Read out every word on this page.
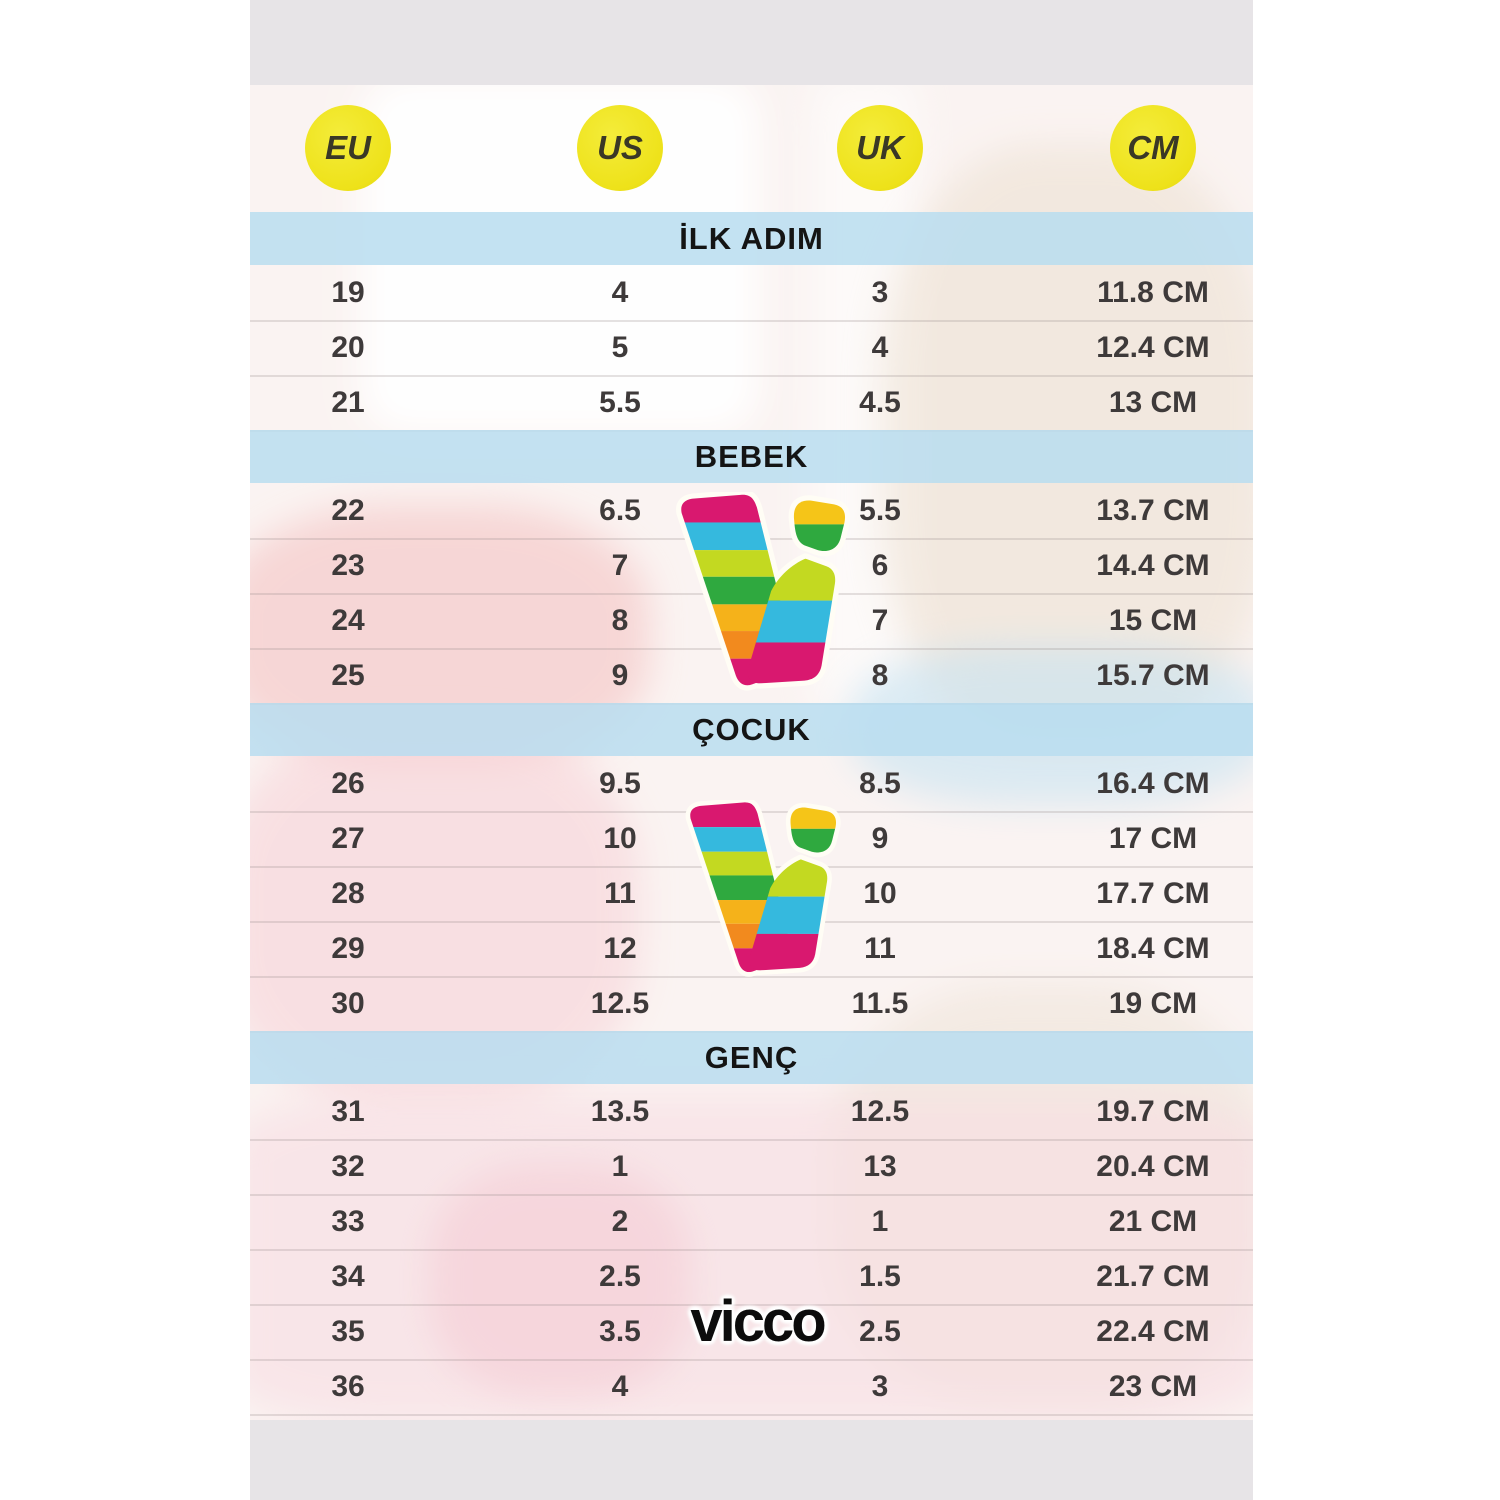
EU	US	UK	CM
İLK ADIM
19	4	3	11.8 CM
20	5	4	12.4 CM
21	5.5	4.5	13 CM
BEBEK
22	6.5	5.5	13.7 CM
23	7	6	14.4 CM
24	8	7	15 CM
25	9	8	15.7 CM
ÇOCUK
26	9.5	8.5	16.4 CM
27	10	9	17 CM
28	11	10	17.7 CM
29	12	11	18.4 CM
30	12.5	11.5	19 CM
GENÇ
31	13.5	12.5	19.7 CM
32	1	13	20.4 CM
33	2	1	21 CM
34	2.5	1.5	21.7 CM
35	3.5	2.5	22.4 CM
36	4	3	23 CM
vicco
